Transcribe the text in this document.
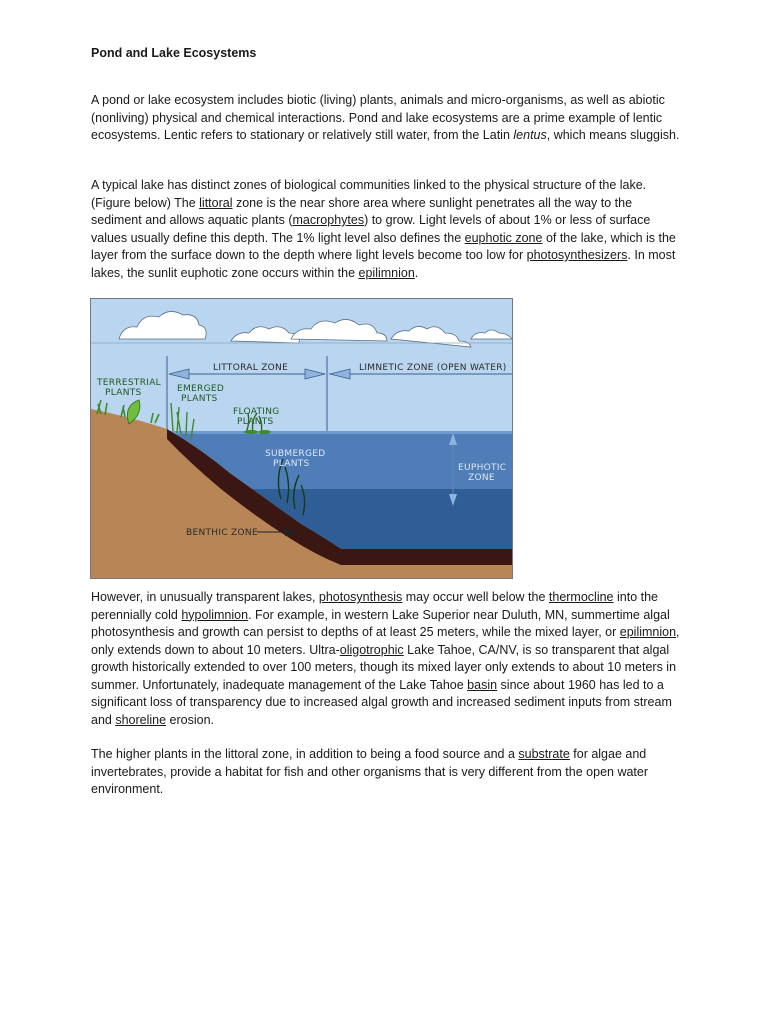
Pond and Lake Ecosystems

A pond or lake ecosystem includes biotic (living) plants, animals and micro-organisms, as well as abiotic (nonliving) physical and chemical interactions. Pond and lake ecosystems are a prime example of lentic ecosystems. Lentic refers to stationary or relatively still water, from the Latin lentus, which means sluggish.

A typical lake has distinct zones of biological communities linked to the physical structure of the lake. (Figure below) The littoral zone is the near shore area where sunlight penetrates all the way to the sediment and allows aquatic plants (macrophytes) to grow. Light levels of about 1% or less of surface values usually define this depth. The 1% light level also defines the euphotic zone of the lake, which is the layer from the surface down to the depth where light levels become too low for photosynthesizers. In most lakes, the sunlit euphotic zone occurs within the epilimnion.

However, in unusually transparent lakes, photosynthesis may occur well below the thermocline into the perennially cold hypolimnion. For example, in western Lake Superior near Duluth, MN, summertime algal photosynthesis and growth can persist to depths of at least 25 meters, while the mixed layer, or epilimnion, only extends down to about 10 meters. Ultra-oligotrophic Lake Tahoe, CA/NV, is so transparent that algal growth historically extended to over 100 meters, though its mixed layer only extends to about 10 meters in summer. Unfortunately, inadequate management of the Lake Tahoe basin since about 1960 has led to a significant loss of transparency due to increased algal growth and increased sediment inputs from stream and shoreline erosion.

The higher plants in the littoral zone, in addition to being a food source and a substrate for algae and invertebrates, provide a habitat for fish and other organisms that is very different from the open water environment.

LITTORAL ZONE	LIMNETIC ZONE (OPEN WATER)
TERRESTRIAL
PLANTS	EMERGED
PLANTS
FLOATING
PLANTS
SUBMERGED
PLANTS	EUPHOTIC
ZONE
BENTHIC ZONE
